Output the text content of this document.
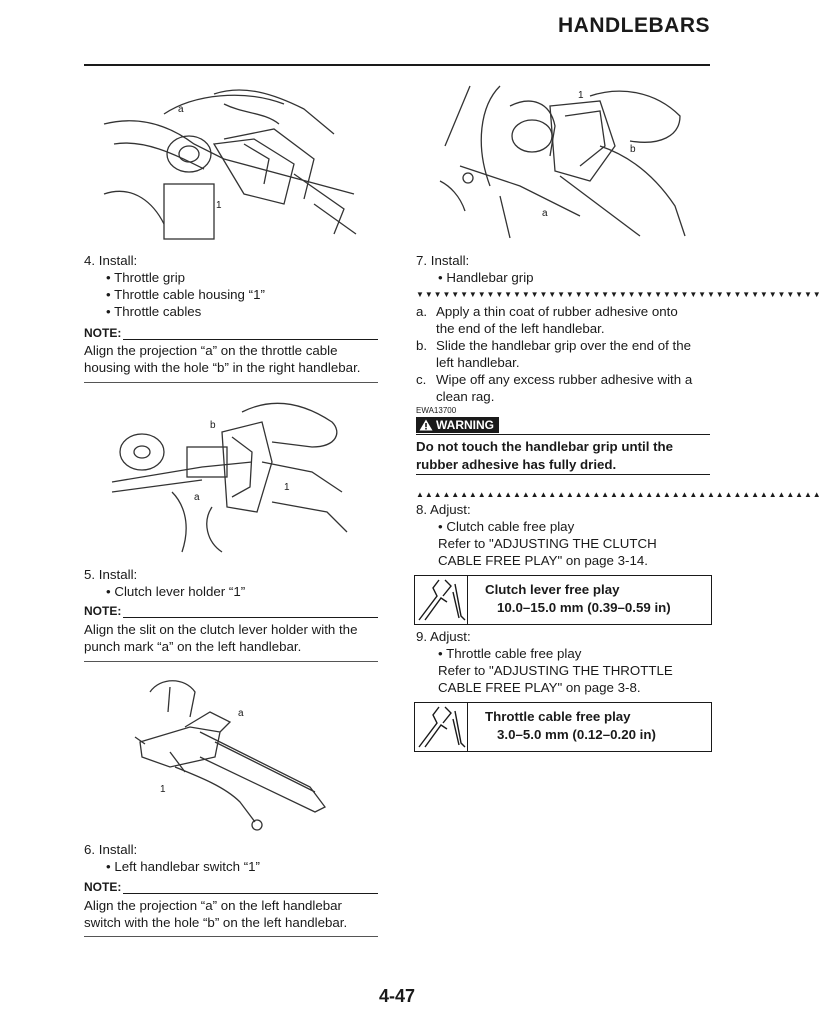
HANDLEBARS
a
1
4. Install:
• Throttle grip
• Throttle cable housing “1”
• Throttle cables
NOTE:
Align the projection “a” on the throttle cable
housing with the hole “b” in the right handlebar.
b
a
1
5. Install:
• Clutch lever holder “1”
NOTE:
Align the slit on the clutch lever holder with the
punch mark “a” on the left handlebar.
a
1
6. Install:
• Left handlebar switch “1”
NOTE:
Align the projection “a” on the left handlebar
switch with the hole “b” on the left handlebar.
1
b
a
7. Install:
• Handlebar grip
▼▼▼▼▼▼▼▼▼▼▼▼▼▼▼▼▼▼▼▼▼▼▼▼▼▼▼▼▼▼▼▼▼▼▼▼▼▼▼▼▼▼▼▼▼▼
a. Apply a thin coat of rubber adhesive onto
the end of the left handlebar.
b. Slide the handlebar grip over the end of the
left handlebar.
c. Wipe off any excess rubber adhesive with a
clean rag.
EWA13700
WARNING
Do not touch the handlebar grip until the
rubber adhesive has fully dried.
▲▲▲▲▲▲▲▲▲▲▲▲▲▲▲▲▲▲▲▲▲▲▲▲▲▲▲▲▲▲▲▲▲▲▲▲▲▲▲▲▲▲▲▲▲▲
8. Adjust:
• Clutch cable free play
Refer to "ADJUSTING THE CLUTCH
CABLE FREE PLAY" on page 3-14.
Clutch lever free play
10.0–15.0 mm (0.39–0.59 in)
9. Adjust:
• Throttle cable free play
Refer to "ADJUSTING THE THROTTLE
CABLE FREE PLAY" on page 3-8.
Throttle cable free play
3.0–5.0 mm (0.12–0.20 in)
4-47
